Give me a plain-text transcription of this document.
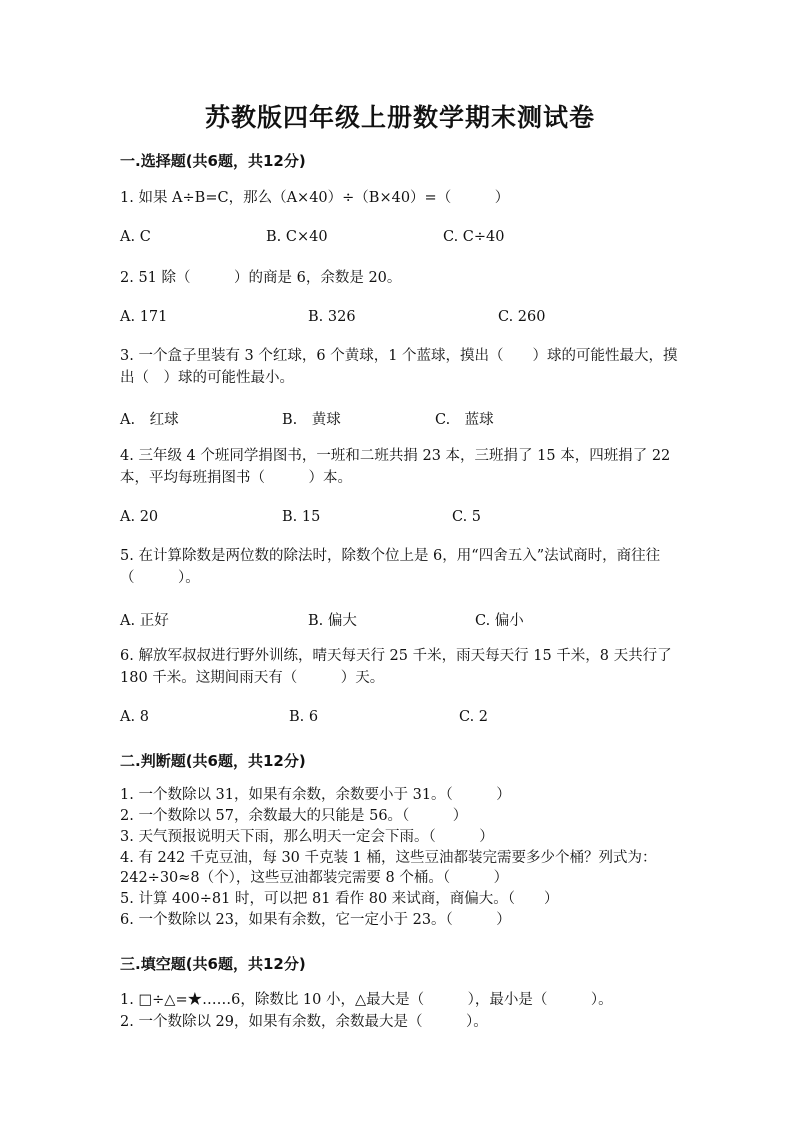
苏教版四年级上册数学期末测试卷
一.选择题(共6题，共12分)
1. 如果 A÷B=C，那么（A×40）÷（B×40）=（　　　）
A. C	B. C×40	C. C÷40
2. 51 除（　　　）的商是 6，余数是 20。
A. 171	B. 326	C. 260
3. 一个盒子里装有 3 个红球，6 个黄球，1 个蓝球，摸出（　　）球的可能性最大，摸出（　）球的可能性最小。
A.　红球	B.　黄球	C.　蓝球
4. 三年级 4 个班同学捐图书，一班和二班共捐 23 本，三班捐了 15 本，四班捐了 22 本，平均每班捐图书（　　　）本。
A. 20	B. 15	C. 5
5. 在计算除数是两位数的除法时，除数个位上是 6，用“四舍五入”法试商时，商往往（　　　）。
A. 正好	B. 偏大	C. 偏小
6. 解放军叔叔进行野外训练，晴天每天行 25 千米，雨天每天行 15 千米，8 天共行了 180 千米。这期间雨天有（　　　）天。
A. 8	B. 6	C. 2
二.判断题(共6题，共12分)
1. 一个数除以 31，如果有余数，余数要小于 31。（　　　）
2. 一个数除以 57，余数最大的只能是 56。（　　　）
3. 天气预报说明天下雨，那么明天一定会下雨。（　　　）
4. 有 242 千克豆油，每 30 千克装 1 桶，这些豆油都装完需要多少个桶？列式为：242÷30≈8（个），这些豆油都装完需要 8 个桶。（　　　）
5. 计算 400÷81 时，可以把 81 看作 80 来试商，商偏大。（　　）
6. 一个数除以 23，如果有余数，它一定小于 23。（　　　）
三.填空题(共6题，共12分)
1. □÷△=★……6，除数比 10 小，△最大是（　　　），最小是（　　　）。
2. 一个数除以 29，如果有余数，余数最大是（　　　）。
